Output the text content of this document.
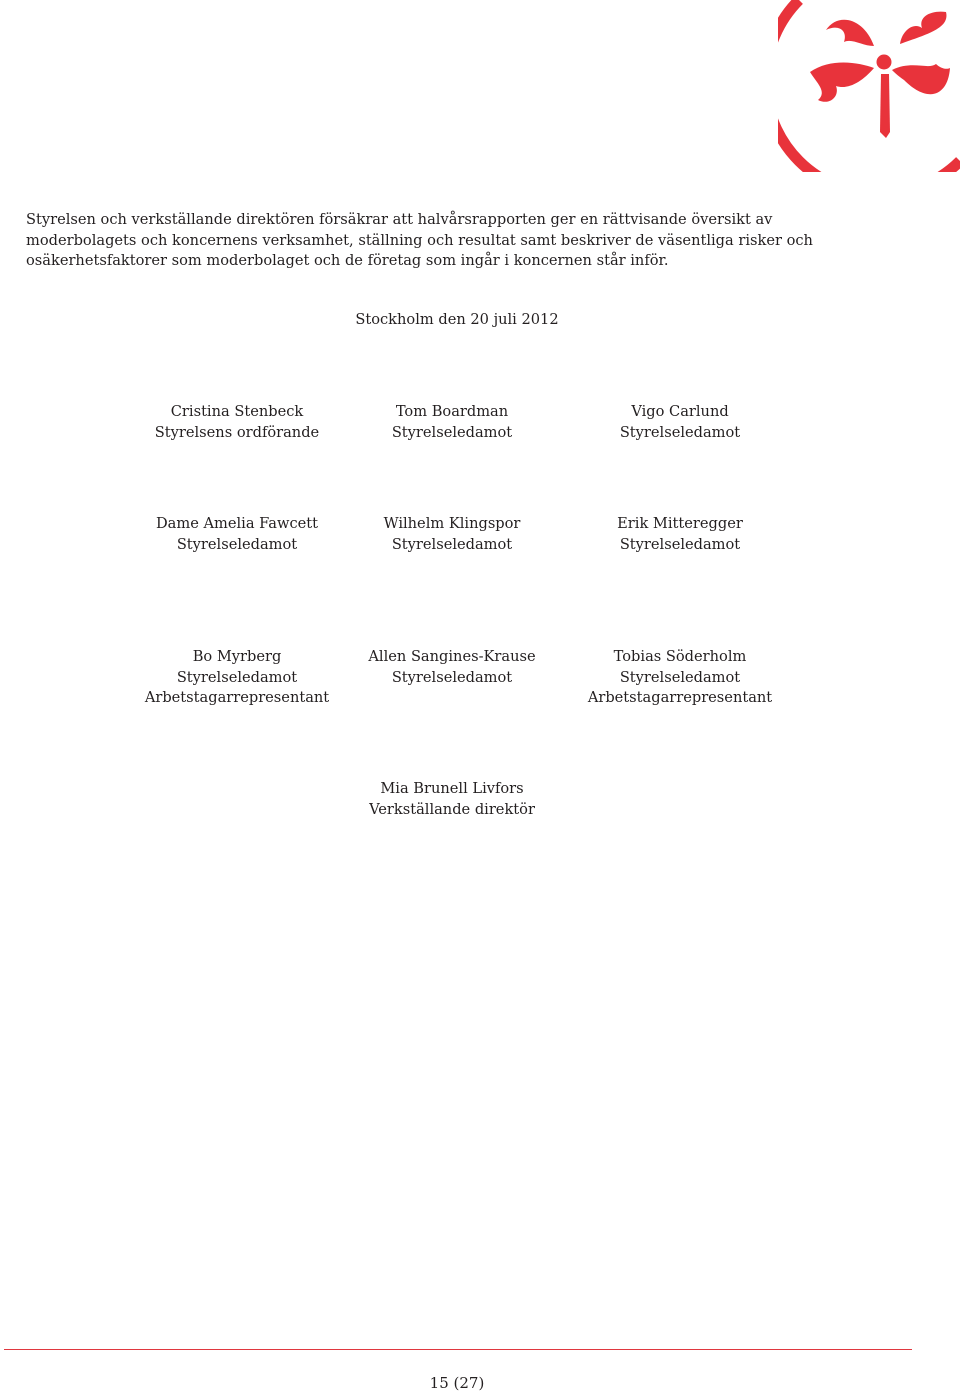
Styrelsen och verkställande direktören försäkrar att halvårsrapporten ger en rättvisande översikt av moderbolagets och koncernens verksamhet, ställning och resultat samt beskriver de väsentliga risker och osäkerhetsfaktorer som moderbolaget och de företag som ingår i koncernen står inför.

Stockholm den 20 juli 2012
Cristina Stenbeck
Styrelsens ordförande
Tom Boardman
Styrelseledamot
Vigo Carlund
Styrelseledamot
Dame Amelia Fawcett
Styrelseledamot
Wilhelm Klingspor
Styrelseledamot
Erik Mitteregger
Styrelseledamot
Bo Myrberg
Styrelseledamot
Arbetstagarrepresentant
Allen Sangines-Krause
Styrelseledamot
Tobias Söderholm
Styrelseledamot
Arbetstagarrepresentant
Mia Brunell Livfors
Verkställande direktör
15 (27)
